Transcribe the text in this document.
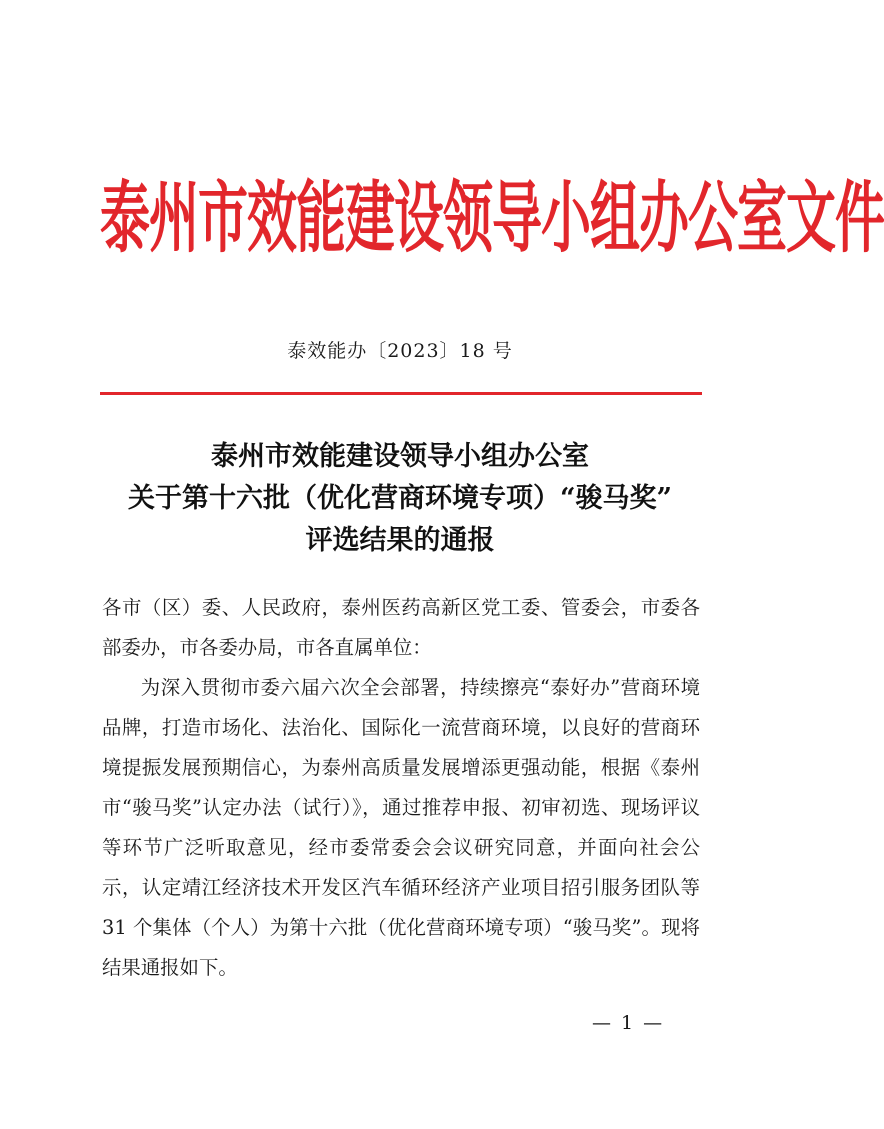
泰州市效能建设领导小组办公室文件
泰效能办〔2023〕18 号
泰州市效能建设领导小组办公室
关于第十六批（优化营商环境专项）“骏马奖”
评选结果的通报

各市（区）委、人民政府，泰州医药高新区党工委、管委会，市委各部委办，市各委办局，市各直属单位：

为深入贯彻市委六届六次全会部署，持续擦亮“泰好办”营商环境品牌，打造市场化、法治化、国际化一流营商环境，以良好的营商环境提振发展预期信心，为泰州高质量发展增添更强动能，根据《泰州市“骏马奖”认定办法（试行）》，通过推荐申报、初审初选、现场评议等环节广泛听取意见，经市委常委会会议研究同意，并面向社会公示，认定靖江经济技术开发区汽车循环经济产业项目招引服务团队等 31 个集体（个人）为第十六批（优化营商环境专项）“骏马奖”。现将结果通报如下。

— 1 —
